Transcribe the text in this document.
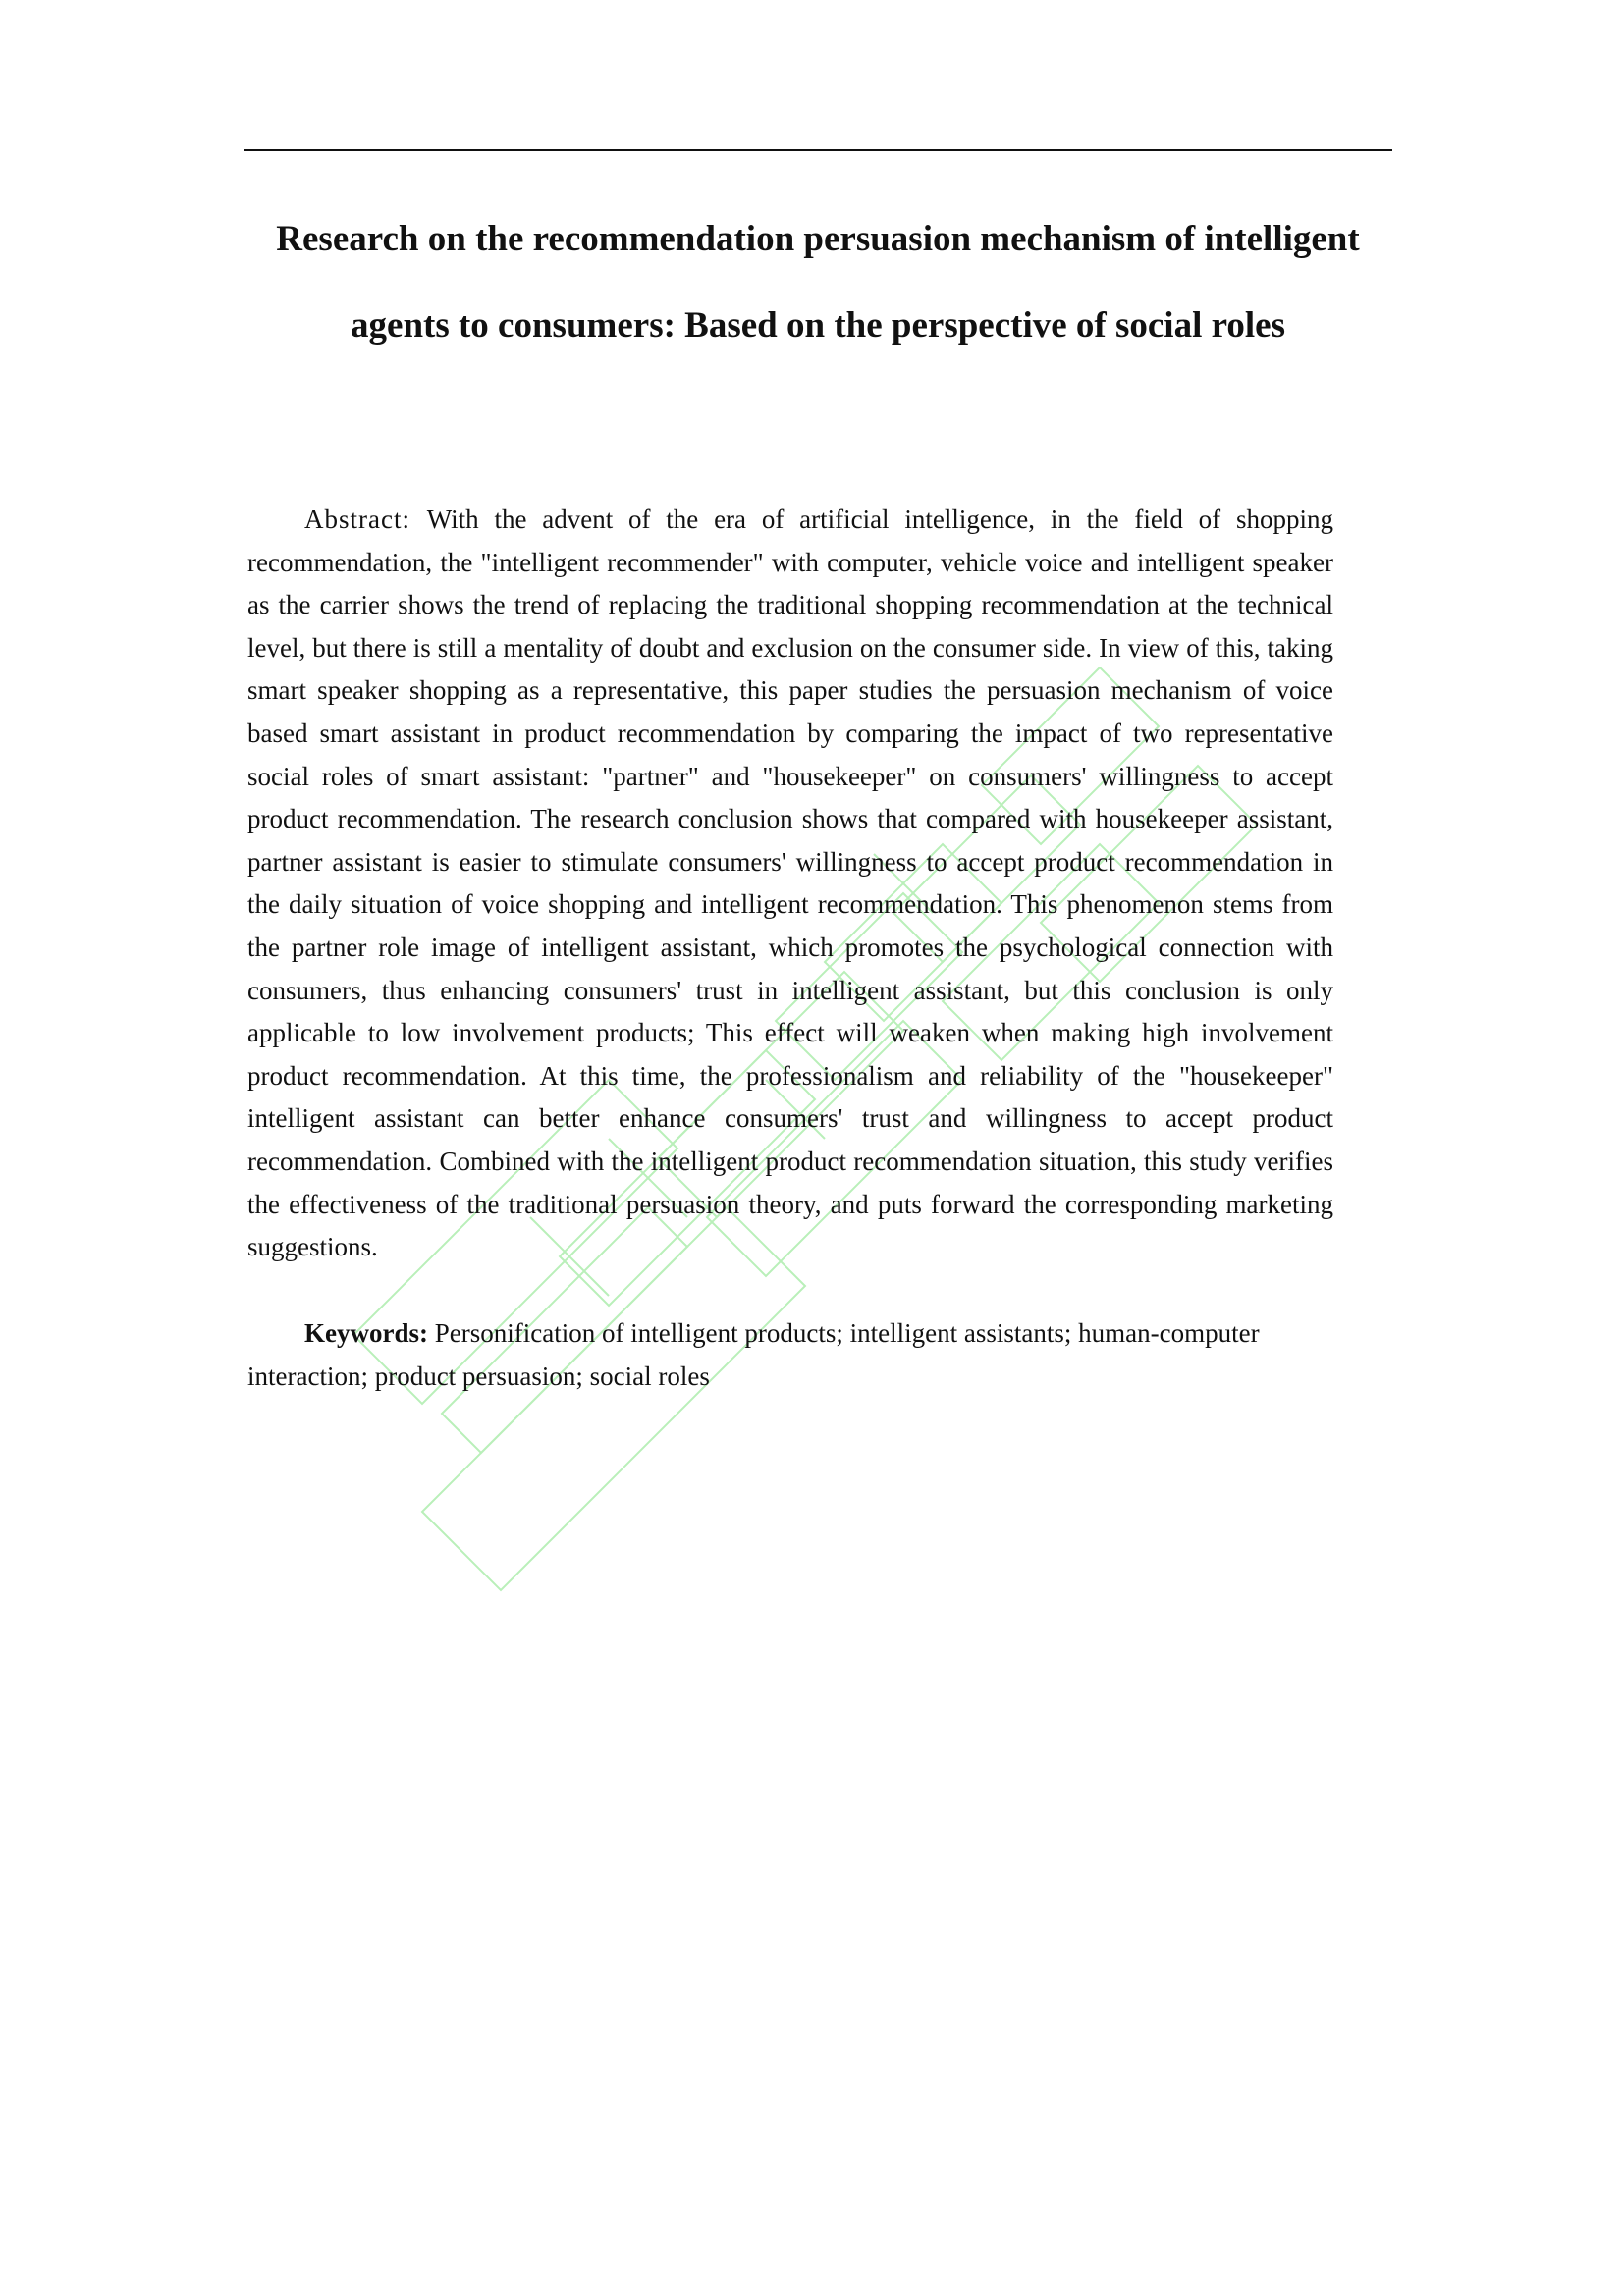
Research on the recommendation persuasion mechanism of intelligent agents to consumers: Based on the perspective of social roles

Abstract: With the advent of the era of artificial intelligence, in the field of shopping recommendation, the "intelligent recommender" with computer, vehicle voice and intelligent speaker as the carrier shows the trend of replacing the traditional shopping recommendation at the technical level, but there is still a mentality of doubt and exclusion on the consumer side. In view of this, taking smart speaker shopping as a representative, this paper studies the persuasion mechanism of voice based smart assistant in product recommendation by comparing the impact of two representative social roles of smart assistant: "partner" and "housekeeper" on consumers' willingness to accept product recommendation. The research conclusion shows that compared with housekeeper assistant, partner assistant is easier to stimulate consumers' willingness to accept product recommendation in the daily situation of voice shopping and intelligent recommendation. This phenomenon stems from the partner role image of intelligent assistant, which promotes the psychological connection with consumers, thus enhancing consumers' trust in intelligent assistant, but this conclusion is only applicable to low involvement products; This effect will weaken when making high involvement product recommendation. At this time, the professionalism and reliability of the "housekeeper" intelligent assistant can better enhance consumers' trust and willingness to accept product recommendation. Combined with the intelligent product recommendation situation, this study verifies the effectiveness of the traditional persuasion theory, and puts forward the corresponding marketing suggestions.

Keywords: Personification of intelligent products; intelligent assistants; human-computer interaction; product persuasion; social roles
